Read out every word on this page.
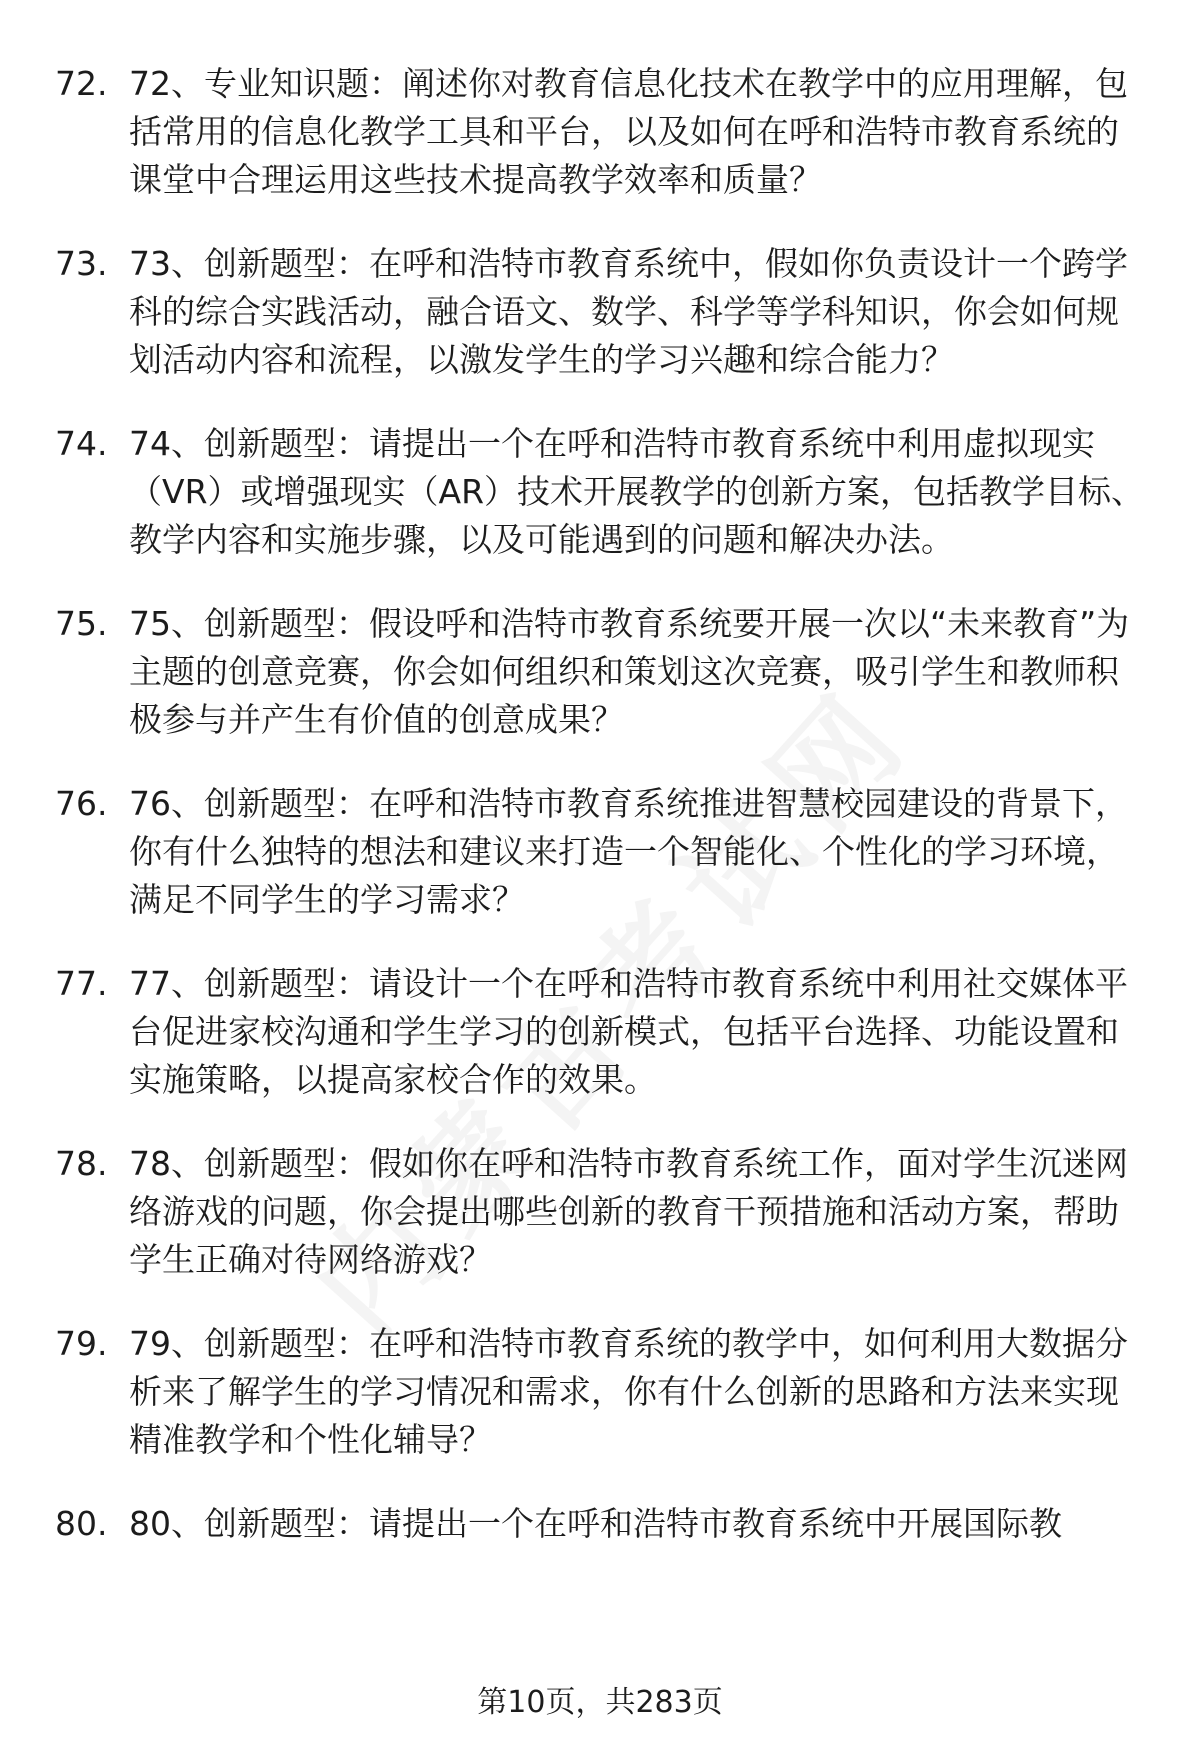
72. 72、专业知识题：阐述你对教育信息化技术在教学中的应用理解，包括常用的信息化教学工具和平台，以及如何在呼和浩特市教育系统的课堂中合理运用这些技术提高教学效率和质量？
73. 73、创新题型：在呼和浩特市教育系统中，假如你负责设计一个跨学科的综合实践活动，融合语文、数学、科学等学科知识，你会如何规划活动内容和流程，以激发学生的学习兴趣和综合能力？
74. 74、创新题型：请提出一个在呼和浩特市教育系统中利用虚拟现实（VR）或增强现实（AR）技术开展教学的创新方案，包括教学目标、教学内容和实施步骤，以及可能遇到的问题和解决办法。
75. 75、创新题型：假设呼和浩特市教育系统要开展一次以“未来教育”为主题的创意竞赛，你会如何组织和策划这次竞赛，吸引学生和教师积极参与并产生有价值的创意成果？
76. 76、创新题型：在呼和浩特市教育系统推进智慧校园建设的背景下，你有什么独特的想法和建议来打造一个智能化、个性化的学习环境，满足不同学生的学习需求？
77. 77、创新题型：请设计一个在呼和浩特市教育系统中利用社交媒体平台促进家校沟通和学生学习的创新模式，包括平台选择、功能设置和实施策略，以提高家校合作的效果。
78. 78、创新题型：假如你在呼和浩特市教育系统工作，面对学生沉迷网络游戏的问题，你会提出哪些创新的教育干预措施和活动方案，帮助学生正确对待网络游戏？
79. 79、创新题型：在呼和浩特市教育系统的教学中，如何利用大数据分析来了解学生的学习情况和需求，你有什么创新的思路和方法来实现精准教学和个性化辅导？
80. 80、创新题型：请提出一个在呼和浩特市教育系统中开展国际教
第10页，共283页
